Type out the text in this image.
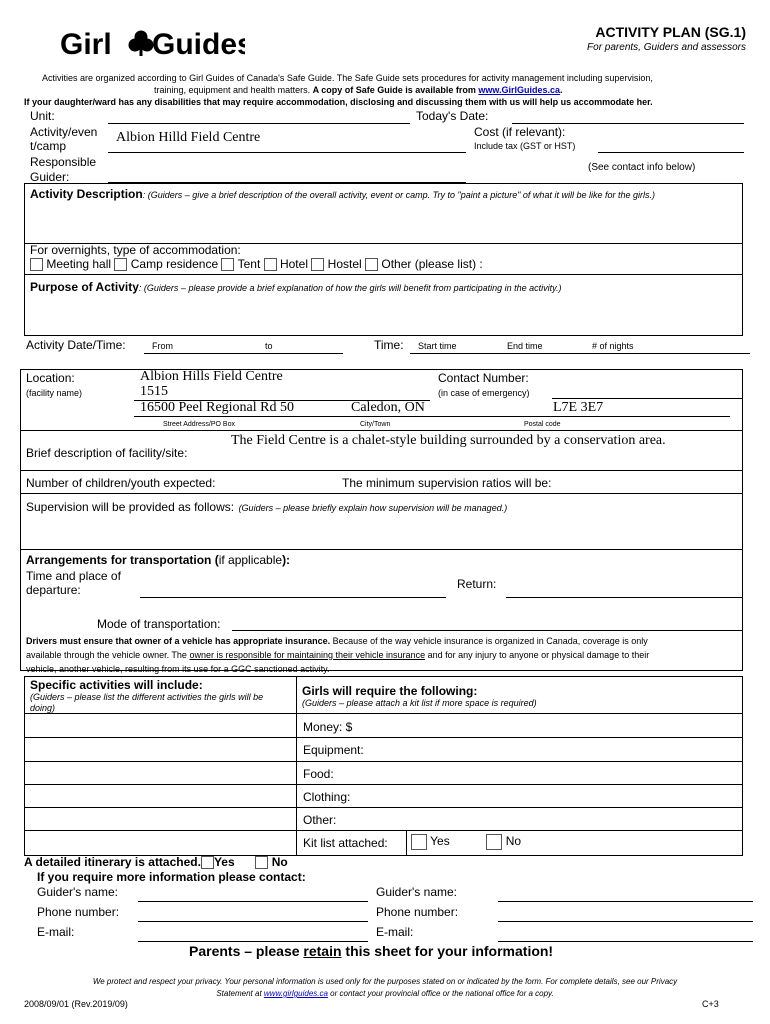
Girl Guides	ACTIVITY PLAN (SG.1)
For parents, Guiders and assessors
Activities are organized according to Girl Guides of Canada's Safe Guide. The Safe Guide sets procedures for activity management including supervision,
training, equipment and health matters. A copy of Safe Guide is available from www.GirlGuides.ca.
If your daughter/ward has any disabilities that may require accommodation, disclosing and discussing them with us will help us accommodate her.
Unit:
Activity/even
t/camp
Albion Hilld Field Centre
Responsible
Guider:
Today's Date:
Cost (if relevant):
Include tax (GST or HST)
(See contact info below)
Activity Description: (Guiders – give a brief description of the overall activity, event or camp. Try to "paint a picture" of what it will be like for the girls.)
For overnights, type of accommodation:
Meeting hall Camp residence Tent Hotel Hostel Other (please list) :
Purpose of Activity: (Guiders – please provide a brief explanation of how the girls will benefit from participating in the activity.)
Activity Date/Time:	From	to	Time: Start time	End time	# of nights
Location:
(facility name)
Albion Hills Field Centre
1515
16500 Peel Regional Rd 50	Caledon, ON	L7E 3E7
Street Address/PO Box	City/Town	Postal code
Contact Number:
(in case of emergency)
Brief description of facility/site:
The Field Centre is a chalet-style building surrounded by a conservation area.
Number of children/youth expected:	The minimum supervision ratios will be:
Supervision will be provided as follows: (Guiders – please briefly explain how supervision will be managed.)
Arrangements for transportation (if applicable):
Time and place of
departure:	Return:
Mode of transportation:
Drivers must ensure that owner of a vehicle has appropriate insurance. Because of the way vehicle insurance is organized in Canada, coverage is only
available through the vehicle owner. The owner is responsible for maintaining their vehicle insurance and for any injury to anyone or physical damage to their
vehicle, another vehicle, resulting from its use for a GGC sanctioned activity.
Specific activities will include:
(Guiders – please list the different activities the girls will be doing)
Girls will require the following:
(Guiders – please attach a kit list if more space is required)
Money: $
Equipment:
Food:
Clothing:
Other:
Kit list attached:	Yes	No
A detailed itinerary is attached. Yes	No
If you require more information please contact:
Guider's name:
Phone number:
E-mail:
Guider's name:
Phone number:
E-mail:
Parents – please retain this sheet for your information!
We protect and respect your privacy. Your personal information is used only for the purposes stated on or indicated by the form. For complete details, see our Privacy
Statement at www.girlguides.ca or contact your provincial office or the national office for a copy.
2008/09/01 (Rev.2019/09)	C+3
